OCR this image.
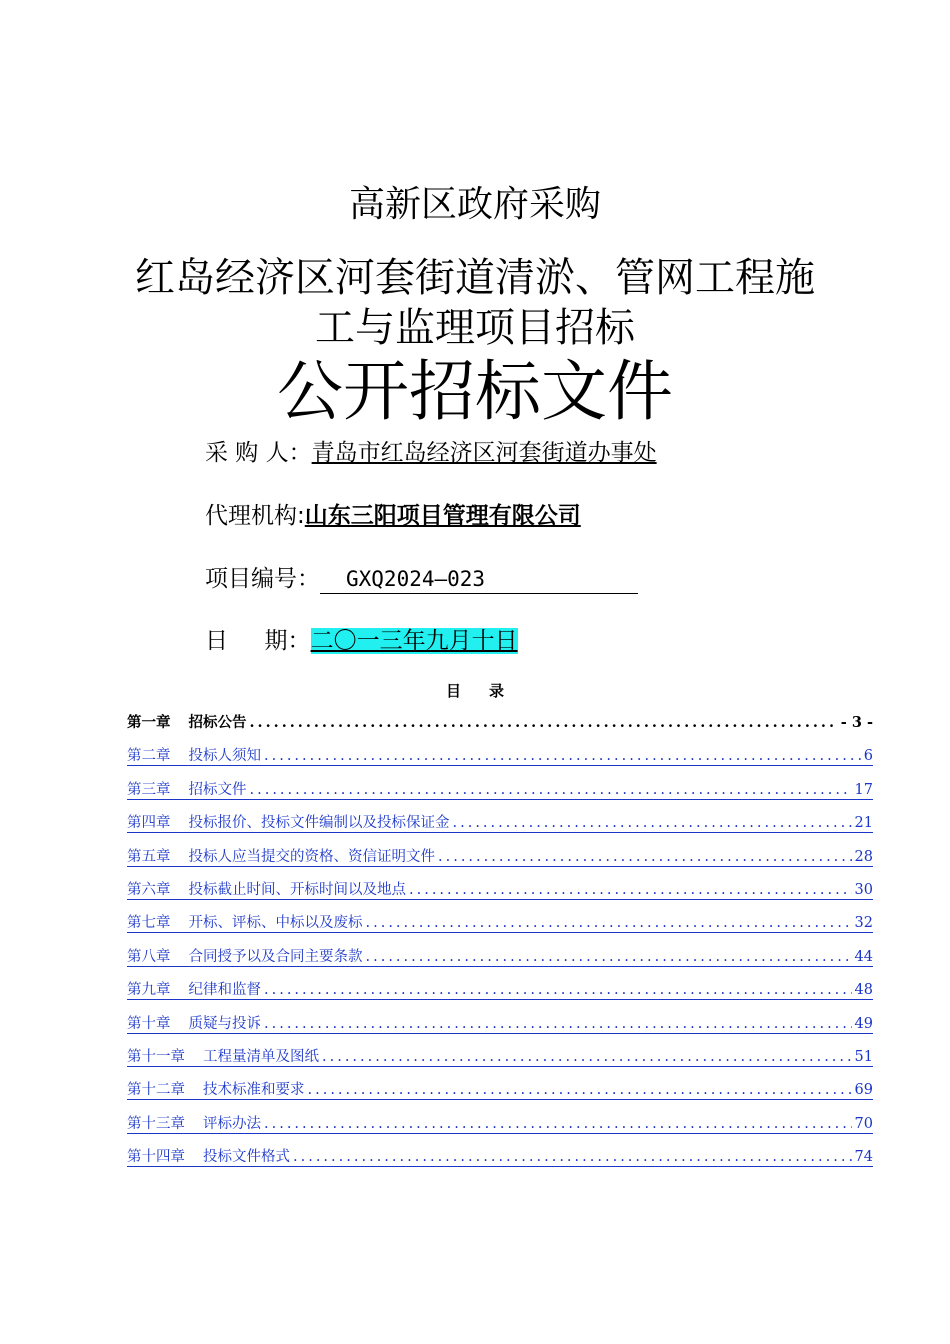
高新区政府采购
红岛经济区河套街道清淤、管网工程施
工与监理项目招标
公开招标文件
采 购 人：青岛市红岛经济区河套街道办事处
代理机构:山东三阳项目管理有限公司
项目编号： GXQ2024—023
日     期：二〇一三年九月十日
目录
第一章 招标公告 .....	- 3 -
第二章 投标人须知 .....	6
第三章 招标文件 .....	17
第四章 投标报价、投标文件编制以及投标保证金 .....	21
第五章 投标人应当提交的资格、资信证明文件 .....	28
第六章 投标截止时间、开标时间以及地点 .....	30
第七章 开标、评标、中标以及废标 .....	32
第八章 合同授予以及合同主要条款 .....	44
第九章 纪律和监督 .....	48
第十章 质疑与投诉 .....	49
第十一章 工程量清单及图纸 .....	51
第十二章 技术标准和要求 .....	69
第十三章 评标办法 .....	70
第十四章 投标文件格式 .....	74
